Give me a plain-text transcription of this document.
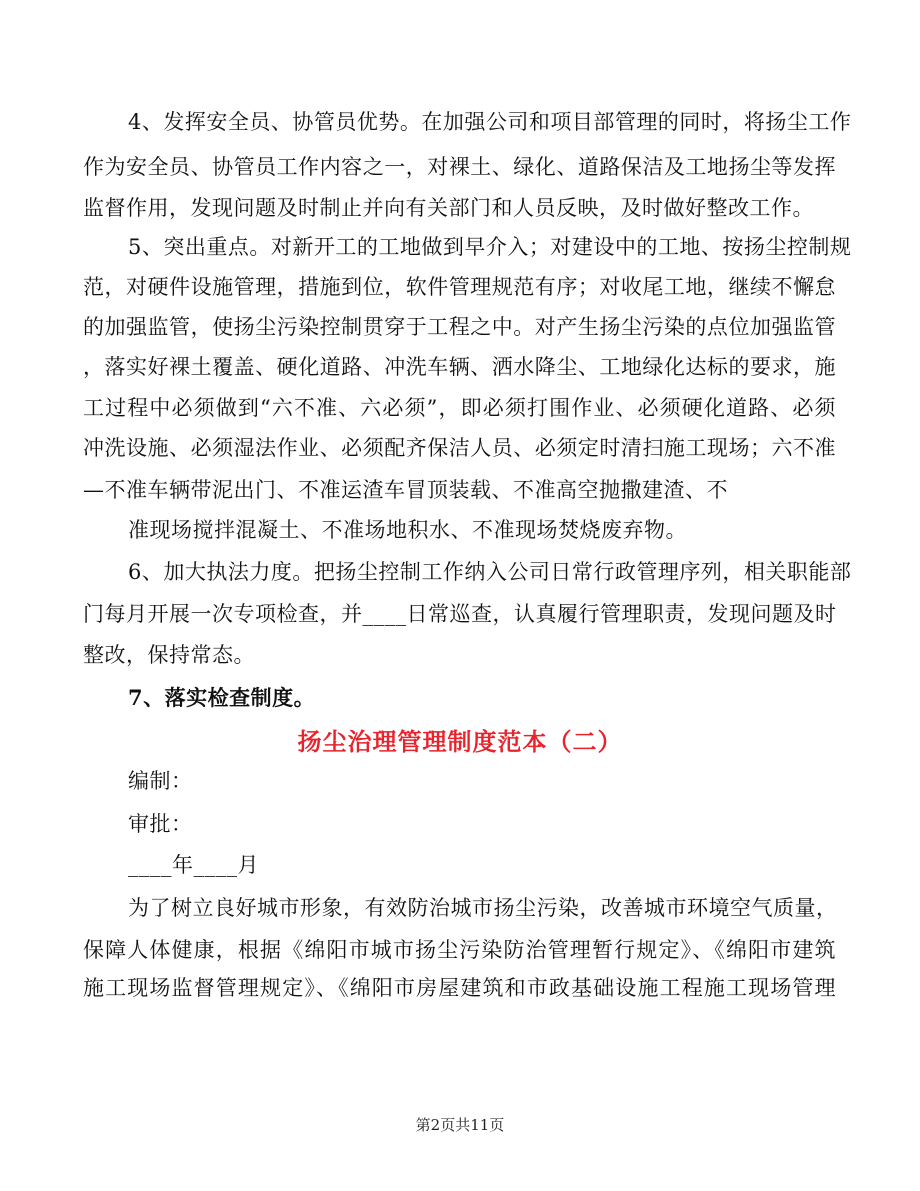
4、发挥安全员、协管员优势。在加强公司和项目部管理的同时，将扬尘工作
作为安全员、协管员工作内容之一，对裸土、绿化、道路保洁及工地扬尘等发挥
监督作用，发现问题及时制止并向有关部门和人员反映，及时做好整改工作。
5、突出重点。对新开工的工地做到早介入；对建设中的工地、按扬尘控制规
范，对硬件设施管理，措施到位，软件管理规范有序；对收尾工地，继续不懈怠
的加强监管，使扬尘污染控制贯穿于工程之中。对产生扬尘污染的点位加强监管
，落实好裸土覆盖、硬化道路、冲洗车辆、洒水降尘、工地绿化达标的要求，施
工过程中必须做到“六不准、六必须”，即必须打围作业、必须硬化道路、必须
冲洗设施、必须湿法作业、必须配齐保洁人员、必须定时清扫施工现场；六不准
—不准车辆带泥出门、不准运渣车冒顶装载、不准高空抛撒建渣、不
准现场搅拌混凝土、不准场地积水、不准现场焚烧废弃物。
6、加大执法力度。把扬尘控制工作纳入公司日常行政管理序列，相关职能部
门每月开展一次专项检查，并____日常巡查，认真履行管理职责，发现问题及时
整改，保持常态。
7、落实检查制度。
扬尘治理管理制度范本（二）
编制：
审批：
____年____月
为了树立良好城市形象，有效防治城市扬尘污染，改善城市环境空气质量，
保障人体健康，根据《绵阳市城市扬尘污染防治管理暂行规定》、《绵阳市建筑
施工现场监督管理规定》、《绵阳市房屋建筑和市政基础设施工程施工现场管理
第2页共11页
